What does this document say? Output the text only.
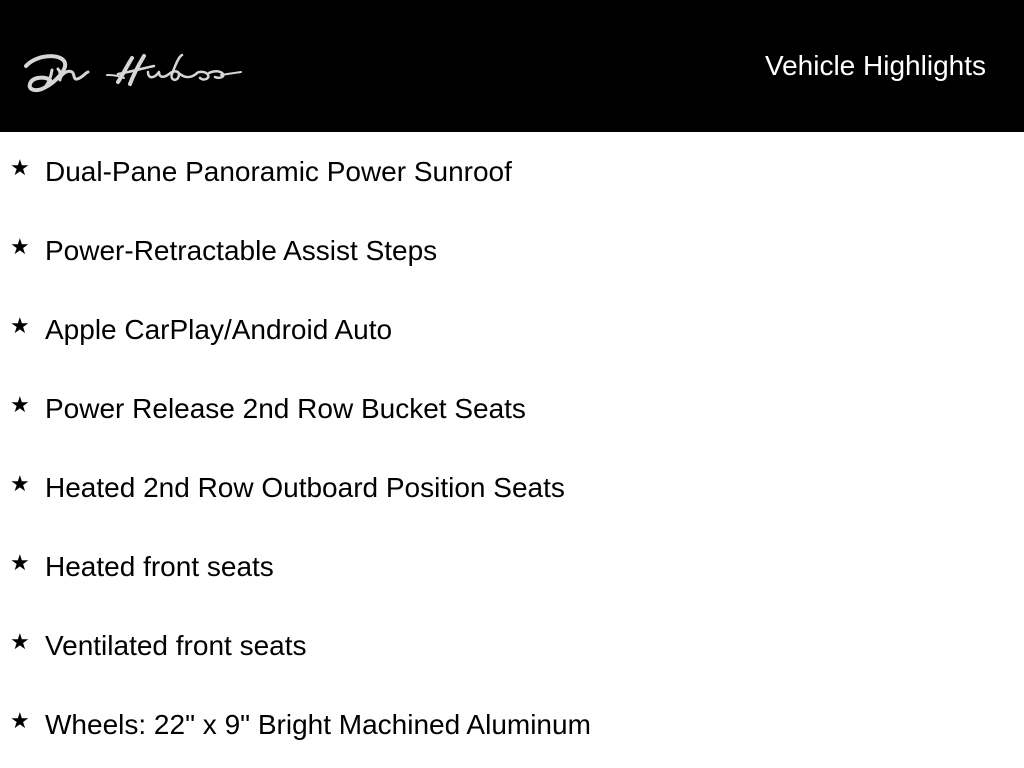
Vehicle Highlights
★ Dual-Pane Panoramic Power Sunroof
★ Power-Retractable Assist Steps
★ Apple CarPlay/Android Auto
★ Power Release 2nd Row Bucket Seats
★ Heated 2nd Row Outboard Position Seats
★ Heated front seats
★ Ventilated front seats
★ Wheels: 22" x 9" Bright Machined Aluminum
